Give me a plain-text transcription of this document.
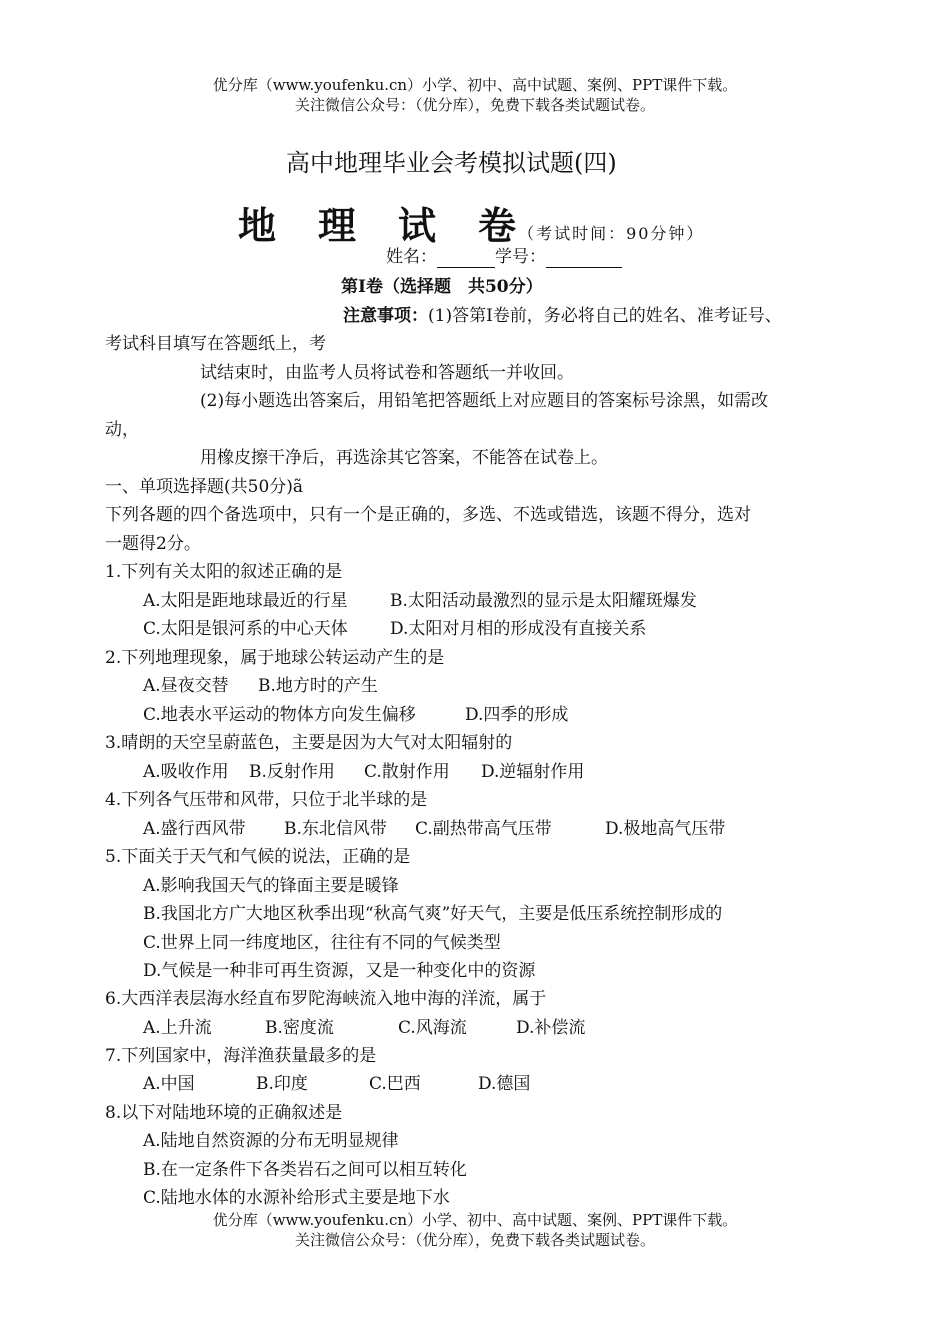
优分库（www.youfenku.cn）小学、初中、高中试题、案例、PPT课件下载。
关注微信公众号：（优分库），免费下载各类试题试卷。
高中地理毕业会考模拟试题(四)
地 理 试 卷 （考试时间：90分钟）
姓名：	学号：
第Ⅰ卷（选择题　共50分）
注意事项：(1)答第Ⅰ卷前，务必将自己的姓名、准考证号、
考试科目填写在答题纸上，考
试结束时，由监考人员将试卷和答题纸一并收回。
(2)每小题选出答案后，用铅笔把答题纸上对应题目的答案标号涂黑，如需改
动，
用橡皮擦干净后，再选涂其它答案，不能答在试卷上。
一、单项选择题(共50分)ã
下列各题的四个备选项中，只有一个是正确的，多选、不选或错选，该题不得分，选对
一题得2分。
1.下列有关太阳的叙述正确的是
A.太阳是距地球最近的行星 B.太阳活动最激烈的显示是太阳耀斑爆发
C.太阳是银河系的中心天体 D.太阳对月相的形成没有直接关系
2.下列地理现象，属于地球公转运动产生的是
A.昼夜交替 B.地方时的产生
C.地表水平运动的物体方向发生偏移	D.四季的形成
3.晴朗的天空呈蔚蓝色，主要是因为大气对太阳辐射的
A.吸收作用 B.反射作用 C.散射作用 D.逆辐射作用
4.下列各气压带和风带，只位于北半球的是
A.盛行西风带 B.东北信风带 C.副热带高气压带	D.极地高气压带
5.下面关于天气和气候的说法，正确的是
A.影响我国天气的锋面主要是暖锋
B.我国北方广大地区秋季出现“秋高气爽”好天气，主要是低压系统控制形成的
C.世界上同一纬度地区，往往有不同的气候类型
D.气候是一种非可再生资源，又是一种变化中的资源
6.大西洋表层海水经直布罗陀海峡流入地中海的洋流，属于
A.上升流	B.密度流	C.风海流	D.补偿流
7.下列国家中，海洋渔获量最多的是
A.中国	B.印度	C.巴西	D.德国
8.以下对陆地环境的正确叙述是
A.陆地自然资源的分布无明显规律
B.在一定条件下各类岩石之间可以相互转化
C.陆地水体的水源补给形式主要是地下水
优分库（www.youfenku.cn）小学、初中、高中试题、案例、PPT课件下载。
关注微信公众号：（优分库），免费下载各类试题试卷。
